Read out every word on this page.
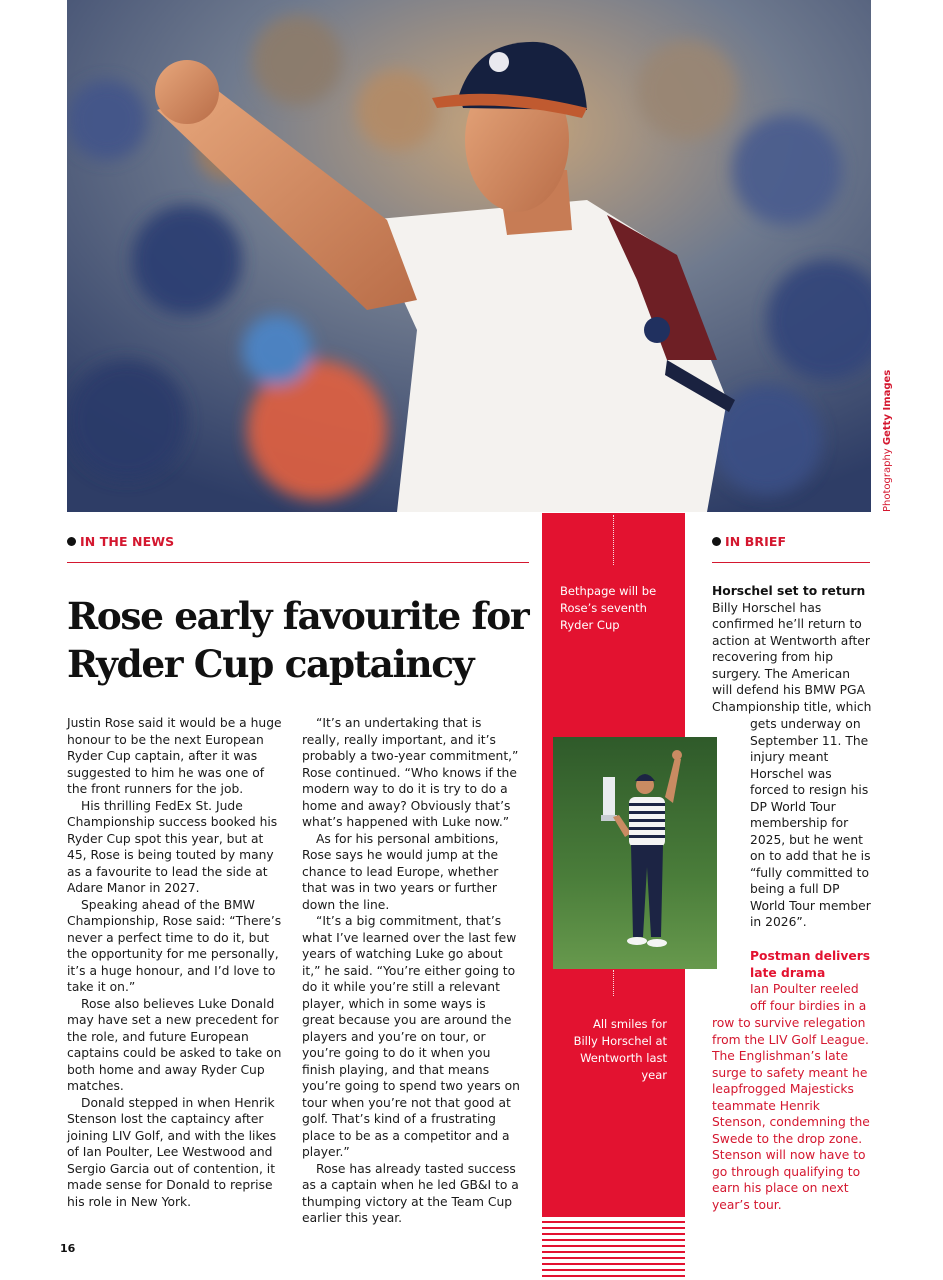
Photography Getty Images
IN THE NEWS
Rose early favourite for
Ryder Cup captaincy

Justin Rose said it would be a huge honour to be the next European Ryder Cup captain, after it was suggested to him he was one of the front runners for the job.

His thrilling FedEx St. Jude Championship success booked his Ryder Cup spot this year, but at 45, Rose is being touted by many as a favourite to lead the side at Adare Manor in 2027.

Speaking ahead of the BMW Championship, Rose said: “There’s never a perfect time to do it, but the opportunity for me personally, it’s a huge honour, and I’d love to take it on.”

Rose also believes Luke Donald may have set a new precedent for the role, and future European captains could be asked to take on both home and away Ryder Cup matches.

Donald stepped in when Henrik Stenson lost the captaincy after joining LIV Golf, and with the likes of Ian Poulter, Lee Westwood and Sergio Garcia out of contention, it made sense for Donald to reprise his role in New York.

“It’s an undertaking that is really, really important, and it’s probably a two-year commitment,” Rose continued. “Who knows if the modern way to do it is try to do a home and away? Obviously that’s what’s happened with Luke now.”

As for his personal ambitions, Rose says he would jump at the chance to lead Europe, whether that was in two years or further down the line.

“It’s a big commitment, that’s what I’ve learned over the last few years of watching Luke go about it,” he said. “You’re either going to do it while you’re still a relevant player, which in some ways is great because you are around the players and you’re on tour, or you’re going to do it when you finish playing, and that means you’re going to spend two years on tour when you’re not that good at golf. That’s kind of a frustrating place to be as a competitor and a player.”

Rose has already tasted success as a captain when he led GB&I to a thumping victory at the Team Cup earlier this year.

Bethpage will be Rose’s seventh Ryder Cup
All smiles for Billy Horschel at Wentworth last year
IN BRIEF
Horschel set to return
Billy Horschel has confirmed he’ll return to action at Wentworth after recovering from hip surgery. The American will defend his BMW PGA Championship title, which
gets underway on September 11. The injury meant Horschel was forced to resign his DP World Tour membership for 2025, but he went on to add that he is “fully committed to being a full DP World Tour member in 2026”.
Postman delivers late drama
Ian Poulter reeled off four birdies in a
row to survive relegation from the LIV Golf League. The Englishman’s late surge to safety meant he leapfrogged Majesticks teammate Henrik Stenson, condemning the Swede to the drop zone. Stenson will now have to go through qualifying to earn his place on next year’s tour.
16
